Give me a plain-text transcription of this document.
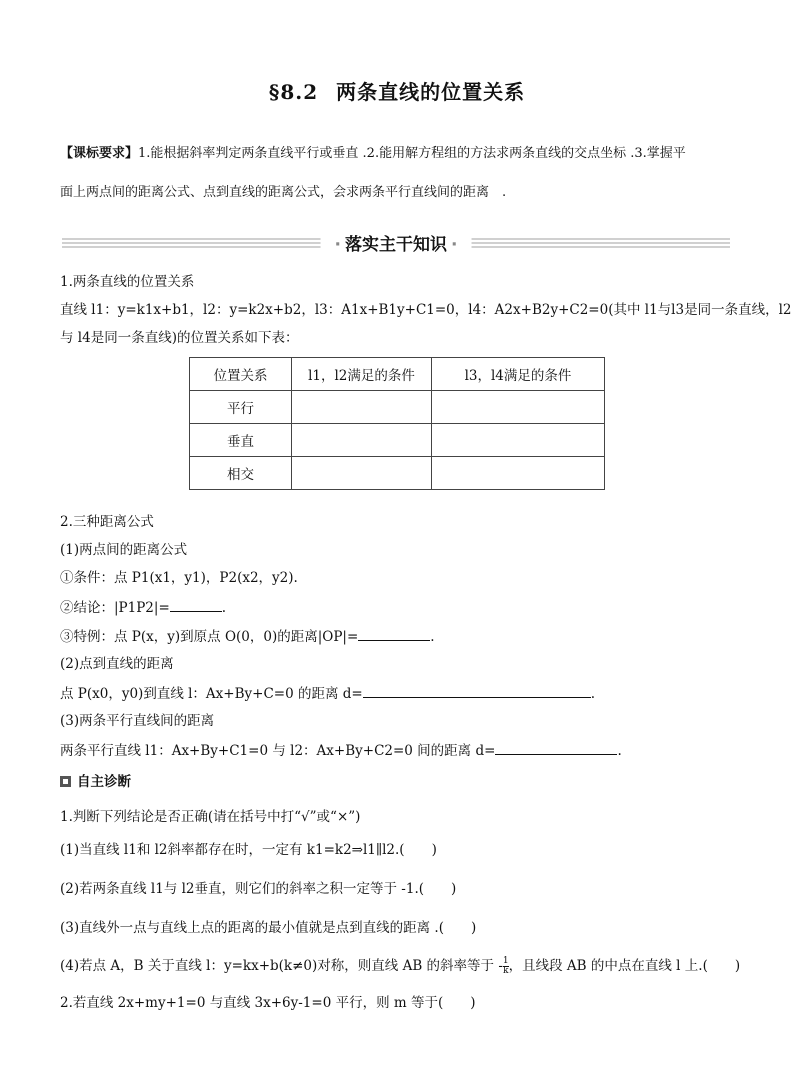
§8.2 两条直线的位置关系
【课标要求】1.能根据斜率判定两条直线平行或垂直 .2.能用解方程组的方法求两条直线的交点坐标 .3.掌握平
面上两点间的距离公式、点到直线的距离公式，会求两条平行直线间的距离　.
· 落实主干知识 ·
1.两条直线的位置关系
直线 l1：y=k1x+b1，l2：y=k2x+b2，l3：A1x+B1y+C1=0，l4：A2x+B2y+C2=0(其中 l1与l3是同一条直线，l2
与 l4是同一条直线)的位置关系如下表：
位置关系	l1，l2满足的条件	l3，l4满足的条件
平行		
垂直		
相交		
2.三种距离公式
(1)两点间的距离公式
①条件：点 P1(x1，y1)，P2(x2，y2).
②结论：|P1P2|=	.
③特例：点 P(x，y)到原点 O(0，0)的距离|OP|=	.
(2)点到直线的距离
点 P(x0，y0)到直线 l：Ax+By+C=0 的距离 d=	.
(3)两条平行直线间的距离
两条平行直线 l1：Ax+By+C1=0 与 l2：Ax+By+C2=0 间的距离 d=	.
自主诊断
1.判断下列结论是否正确(请在括号中打“√”或“×”)
(1)当直线 l1和 l2斜率都存在时，一定有 k1=k2⇒l1∥l2.(　　)
(2)若两条直线 l1与 l2垂直，则它们的斜率之积一定等于 -1.(　　)
(3)直线外一点与直线上点的距离的最小值就是点到直线的距离 .(　　)
(4)若点 A，B 关于直线 l：y=kx+b(k≠0)对称，则直线 AB 的斜率等于 - $\frac{1}{k}$ ，且线段 AB 的中点在直线 l 上.(　　)
2.若直线 2x+my+1=0 与直线 3x+6y-1=0 平行，则 m 等于(　　)
